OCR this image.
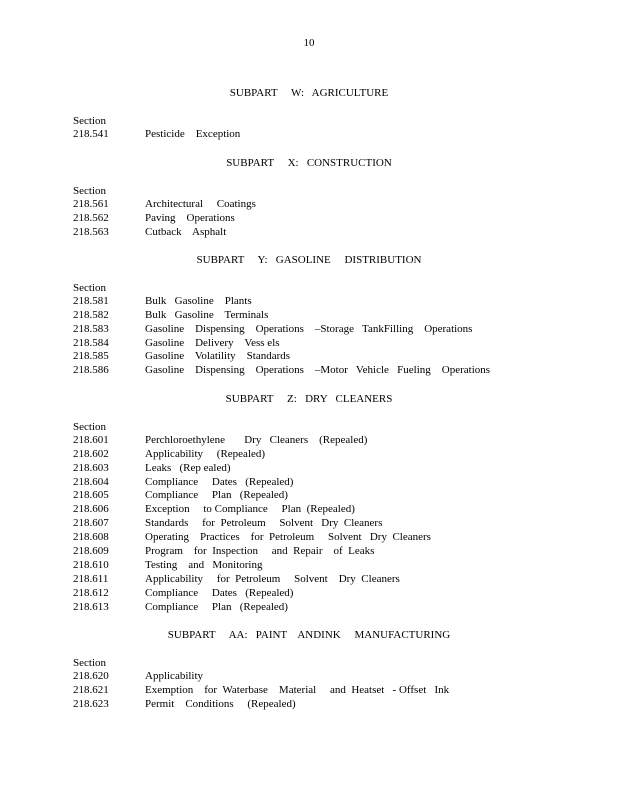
10
SUBPART     W:   AGRICULTURE
Section
218.541	Pesticide    Exception
SUBPART     X:   CONSTRUCTION
Section
218.561	Architectural     Coatings
218.562	Paving    Operations
218.563	Cutback    Asphalt
SUBPART     Y:   GASOLINE     DISTRIBUTION
Section
218.581	Bulk   Gasoline    Plants
218.582	Bulk   Gasoline    Terminals
218.583	Gasoline    Dispensing    Operations    –Storage   TankFilling    Operations
218.584	Gasoline    Delivery    Vess els
218.585	Gasoline    Volatility    Standards
218.586	Gasoline    Dispensing    Operations    –Motor   Vehicle   Fueling    Operations
SUBPART     Z:   DRY   CLEANERS
Section
218.601	Perchloroethylene       Dry   Cleaners    (Repealed)
218.602	Applicability     (Repealed)
218.603	Leaks   (Rep ealed)
218.604	Compliance     Dates   (Repealed)
218.605	Compliance     Plan   (Repealed)
218.606	Exception     to Compliance     Plan  (Repealed)
218.607	Standards     for  Petroleum     Solvent   Dry  Cleaners
218.608	Operating    Practices    for  Petroleum     Solvent   Dry  Cleaners
218.609	Program    for  Inspection     and  Repair    of  Leaks
218.610	Testing    and   Monitoring
218.611	Applicability     for  Petroleum     Solvent    Dry  Cleaners
218.612	Compliance     Dates   (Repealed)
218.613	Compliance     Plan   (Repealed)
SUBPART     AA:   PAINT    ANDINK     MANUFACTURING
Section
218.620	Applicability
218.621	Exemption    for  Waterbase    Material     and  Heatset   - Offset   Ink
218.623	Permit    Conditions     (Repealed)
